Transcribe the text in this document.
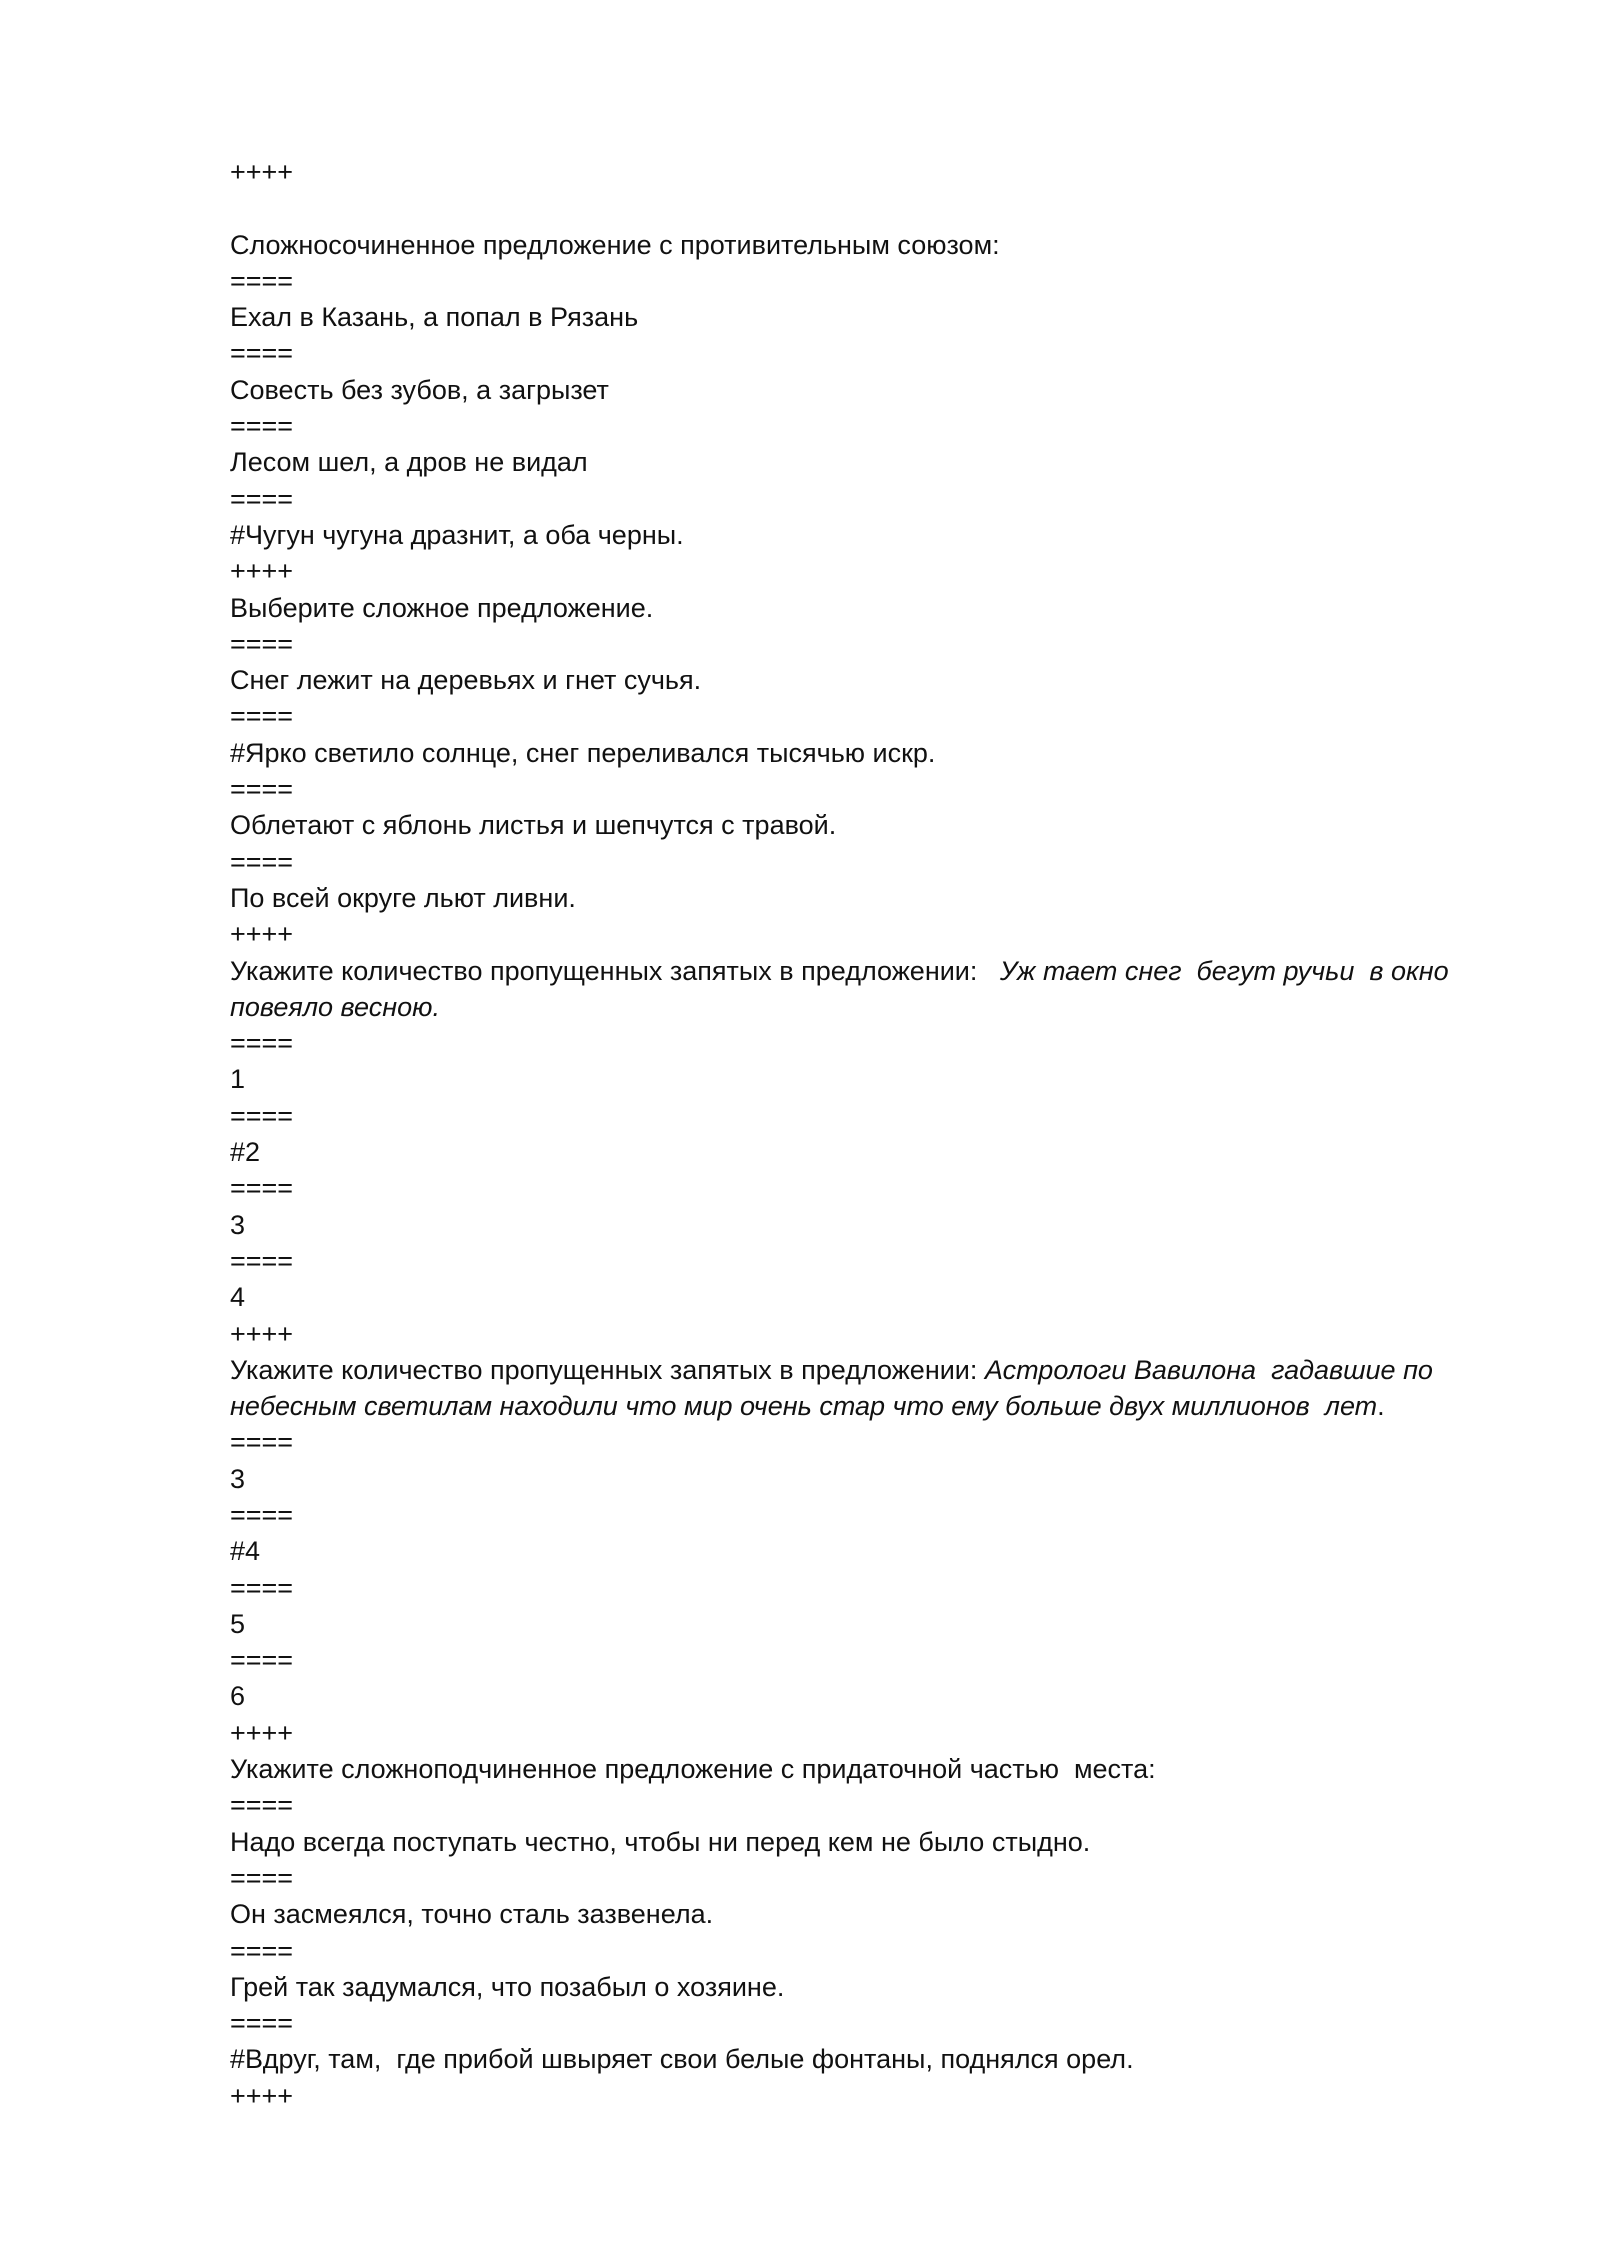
++++

Сложносочиненное предложение с противительным союзом:

====

Ехал в Казань, а попал в Рязань

====

Совесть без зубов, а загрызет

====

Лесом шел, а дров не видал

====

#Чугун чугуна дразнит, а оба черны.

++++

Выберите сложное предложение.

====

Снег лежит на деревьях и гнет сучья.

====

#Ярко светило солнце, снег переливался тысячью искр.

====

Облетают с яблонь листья и шепчутся с травой.

====

По всей округе льют ливни.

++++

Укажите количество пропущенных запятых в предложении:   Уж тает снег  бегут ручьи  в окно повеяло весною.

====

1

====

#2

====

3

====

4

++++

Укажите количество пропущенных запятых в предложении: Астрологи Вавилона  гадавшие по небесным светилам находили что мир очень стар что ему больше двух миллионов  лет.

====

3

====

#4

====

5

====

6

++++

Укажите сложноподчиненное предложение с придаточной частью  места:

====

Надо всегда поступать честно, чтобы ни перед кем не было стыдно.

====

Он засмеялся, точно сталь зазвенела.

====

Грей так задумался, что позабыл о хозяине.

====

#Вдруг, там,  где прибой швыряет свои белые фонтаны, поднялся орел.

++++
